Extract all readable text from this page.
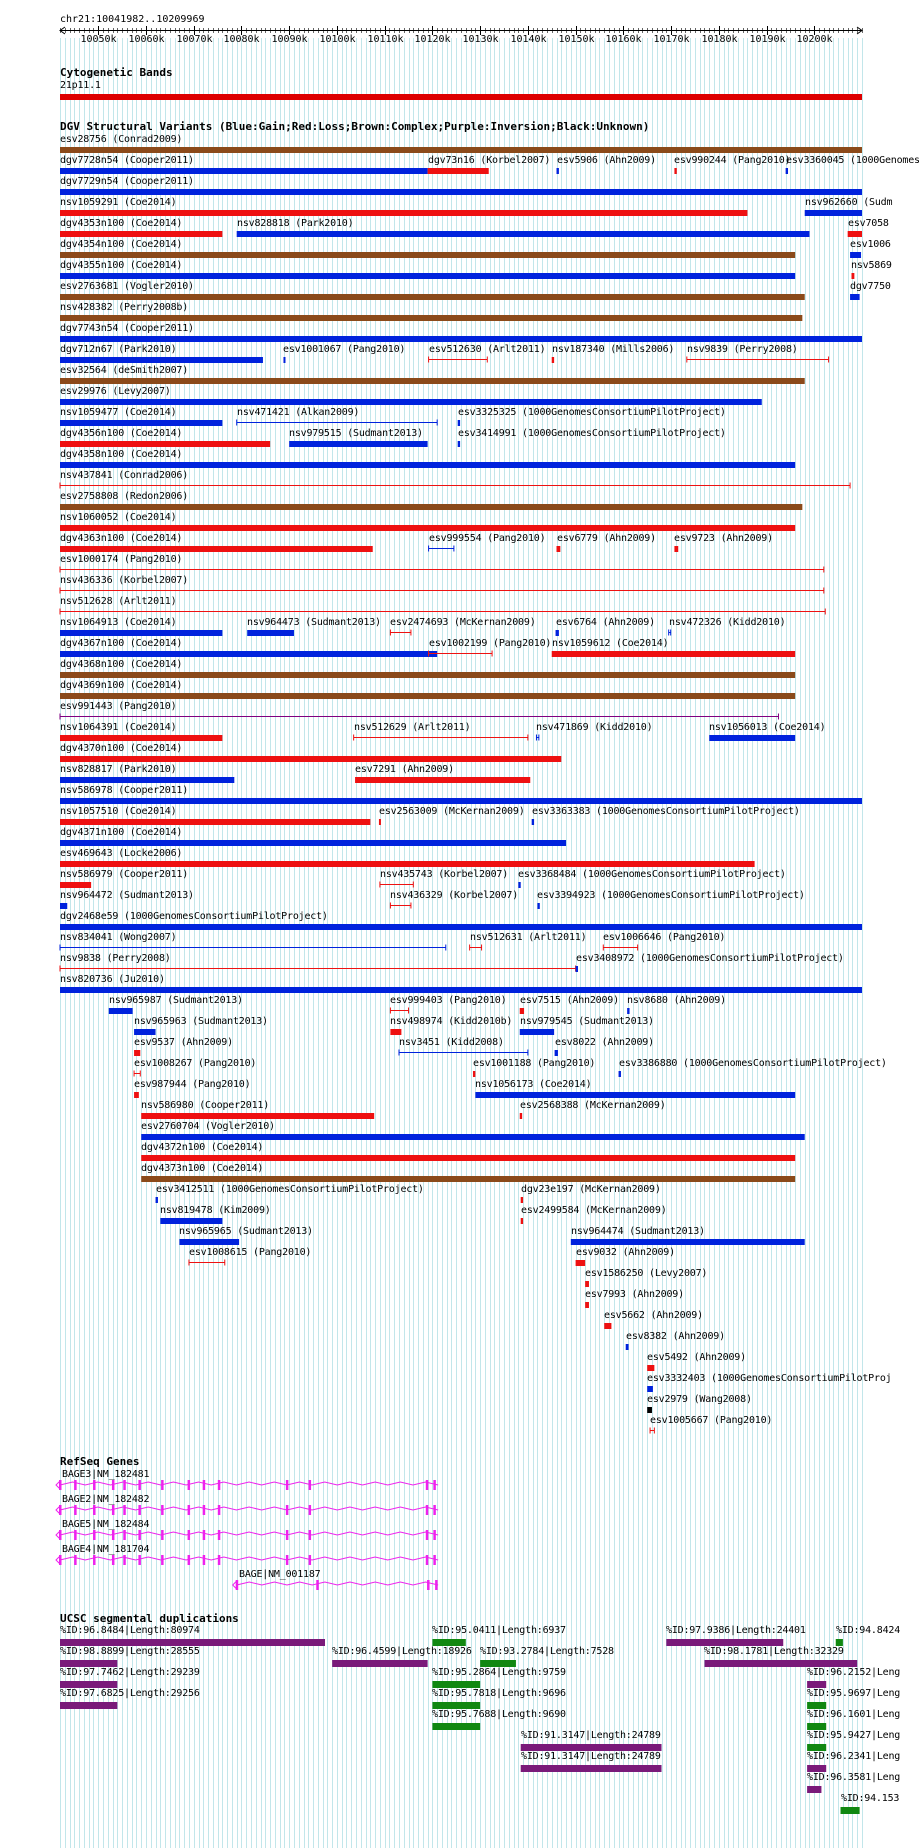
chr21:10041982..10209969
10050k 10060k 10070k 10080k 10090k 10100k 10110k 10120k 10130k 10140k 10150k 10160k 10170k 10180k 10190k 10200k
Cytogenetic Bands
21p11.1
DGV Structural Variants (Blue:Gain;Red:Loss;Brown:Complex;Purple:Inversion;Black:Unknown)
esv28756 (Conrad2009)
dgv7728n54 (Cooper2011)	dgv73n16 (Korbel2007) esv5906 (Ahn2009) esv990244 (Pang2010)
esv3360045 (1000Genomes
dgv7729n54 (Cooper2011)
nsv1059291 (Coe2014)	nsv962660 (Sudm
dgv4353n100 (Coe2014)	nsv828818 (Park2010)	esv7058
dgv4354n100 (Coe2014)	esv1006
dgv4355n100 (Coe2014)	nsv5869
esv2763681 (Vogler2010)	dgv7750
nsv428382 (Perry2008b)
dgv7743n54 (Cooper2011)
dgv712n67 (Park2010)	esv1001067 (Pang2010) esv512630 (Arlt2011) nsv187340 (Mills2006) nsv9839 (Perry2008)
esv32564 (deSmith2007)
esv29976 (Levy2007)
nsv1059477 (Coe2014)	nsv471421 (Alkan2009)	esv3325325 (1000GenomesConsortiumPilotProject)
dgv4356n100 (Coe2014)	nsv979515 (Sudmant2013)	esv3414991 (1000GenomesConsortiumPilotProject)
dgv4358n100 (Coe2014)
nsv437841 (Conrad2006)
esv2758808 (Redon2006)
nsv1060052 (Coe2014)
dgv4363n100 (Coe2014)	esv999554 (Pang2010) esv6779 (Ahn2009) esv9723 (Ahn2009)
esv1000174 (Pang2010)
nsv436336 (Korbel2007)
nsv512628 (Arlt2011)
nsv1064913 (Coe2014)	nsv964473 (Sudmant2013) esv2474693 (McKernan2009) esv6764 (Ahn2009) nsv472326 (Kidd2010)
dgv4367n100 (Coe2014)	esv1002199 (Pang2010) nsv1059612 (Coe2014)
dgv4368n100 (Coe2014)
dgv4369n100 (Coe2014)
esv991443 (Pang2010)
nsv1064391 (Coe2014)	nsv512629 (Arlt2011)	nsv471869 (Kidd2010)	nsv1056013 (Coe2014)
dgv4370n100 (Coe2014)
nsv828817 (Park2010)	esv7291 (Ahn2009)
nsv586978 (Cooper2011)
nsv1057510 (Coe2014)	esv2563009 (McKernan2009) esv3363383 (1000GenomesConsortiumPilotProject)
dgv4371n100 (Coe2014)
esv469643 (Locke2006)
nsv586979 (Cooper2011)	nsv435743 (Korbel2007) esv3368484 (1000GenomesConsortiumPilotProject)
nsv964472 (Sudmant2013)	nsv436329 (Korbel2007) esv3394923 (1000GenomesConsortiumPilotProject)
dgv2468e59 (1000GenomesConsortiumPilotProject)
nsv834041 (Wong2007)	nsv512631 (Arlt2011) esv1006646 (Pang2010)
nsv9838 (Perry2008)	esv3408972 (1000GenomesConsortiumPilotProject)
nsv820736 (Ju2010)
nsv965987 (Sudmant2013)	esv999403 (Pang2010) esv7515 (Ahn2009) nsv8680 (Ahn2009)
nsv965963 (Sudmant2013)	nsv498974 (Kidd2010b) nsv979545 (Sudmant2013)
esv9537 (Ahn2009)	nsv3451 (Kidd2008)	esv8022 (Ahn2009)
esv1008267 (Pang2010)	esv1001188 (Pang2010) esv3386880 (1000GenomesConsortiumPilotProject)
esv987944 (Pang2010)	nsv1056173 (Coe2014)
nsv586980 (Cooper2011)	esv2568388 (McKernan2009)
esv2760704 (Vogler2010)
dgv4372n100 (Coe2014)
dgv4373n100 (Coe2014)
esv3412511 (1000GenomesConsortiumPilotProject)	dgv23e197 (McKernan2009)
nsv819478 (Kim2009)	esv2499584 (McKernan2009)
nsv965965 (Sudmant2013)	nsv964474 (Sudmant2013)
esv1008615 (Pang2010)	esv9032 (Ahn2009)
esv1586250 (Levy2007)
esv7993 (Ahn2009)
esv5662 (Ahn2009)
esv8382 (Ahn2009)
esv5492 (Ahn2009)
esv3332403 (1000GenomesConsortiumPilotProj
esv2979 (Wang2008)
esv1005667 (Pang2010)
RefSeq Genes
BAGE3|NM_182481
BAGE2|NM_182482
BAGE5|NM_182484
BAGE4|NM_181704
BAGE|NM_001187
UCSC segmental duplications
%ID:96.8484|Length:80974	%ID:95.0411|Length:6937	%ID:97.9386|Length:24401	%ID:94.8424
%ID:98.8899|Length:28555	%ID:96.4599|Length:18926 %ID:93.2784|Length:7528	%ID:98.1781|Length:32329
%ID:97.7462|Length:29239	%ID:95.2864|Length:9759	%ID:96.2152|Leng
%ID:97.6825|Length:29256	%ID:95.7818|Length:9696	%ID:95.9697|Leng
%ID:95.7688|Length:9690	%ID:96.1601|Leng
%ID:91.3147|Length:24789	%ID:95.9427|Leng
%ID:91.3147|Length:24789	%ID:96.2341|Leng
%ID:96.3581|Leng
%ID:94.153
